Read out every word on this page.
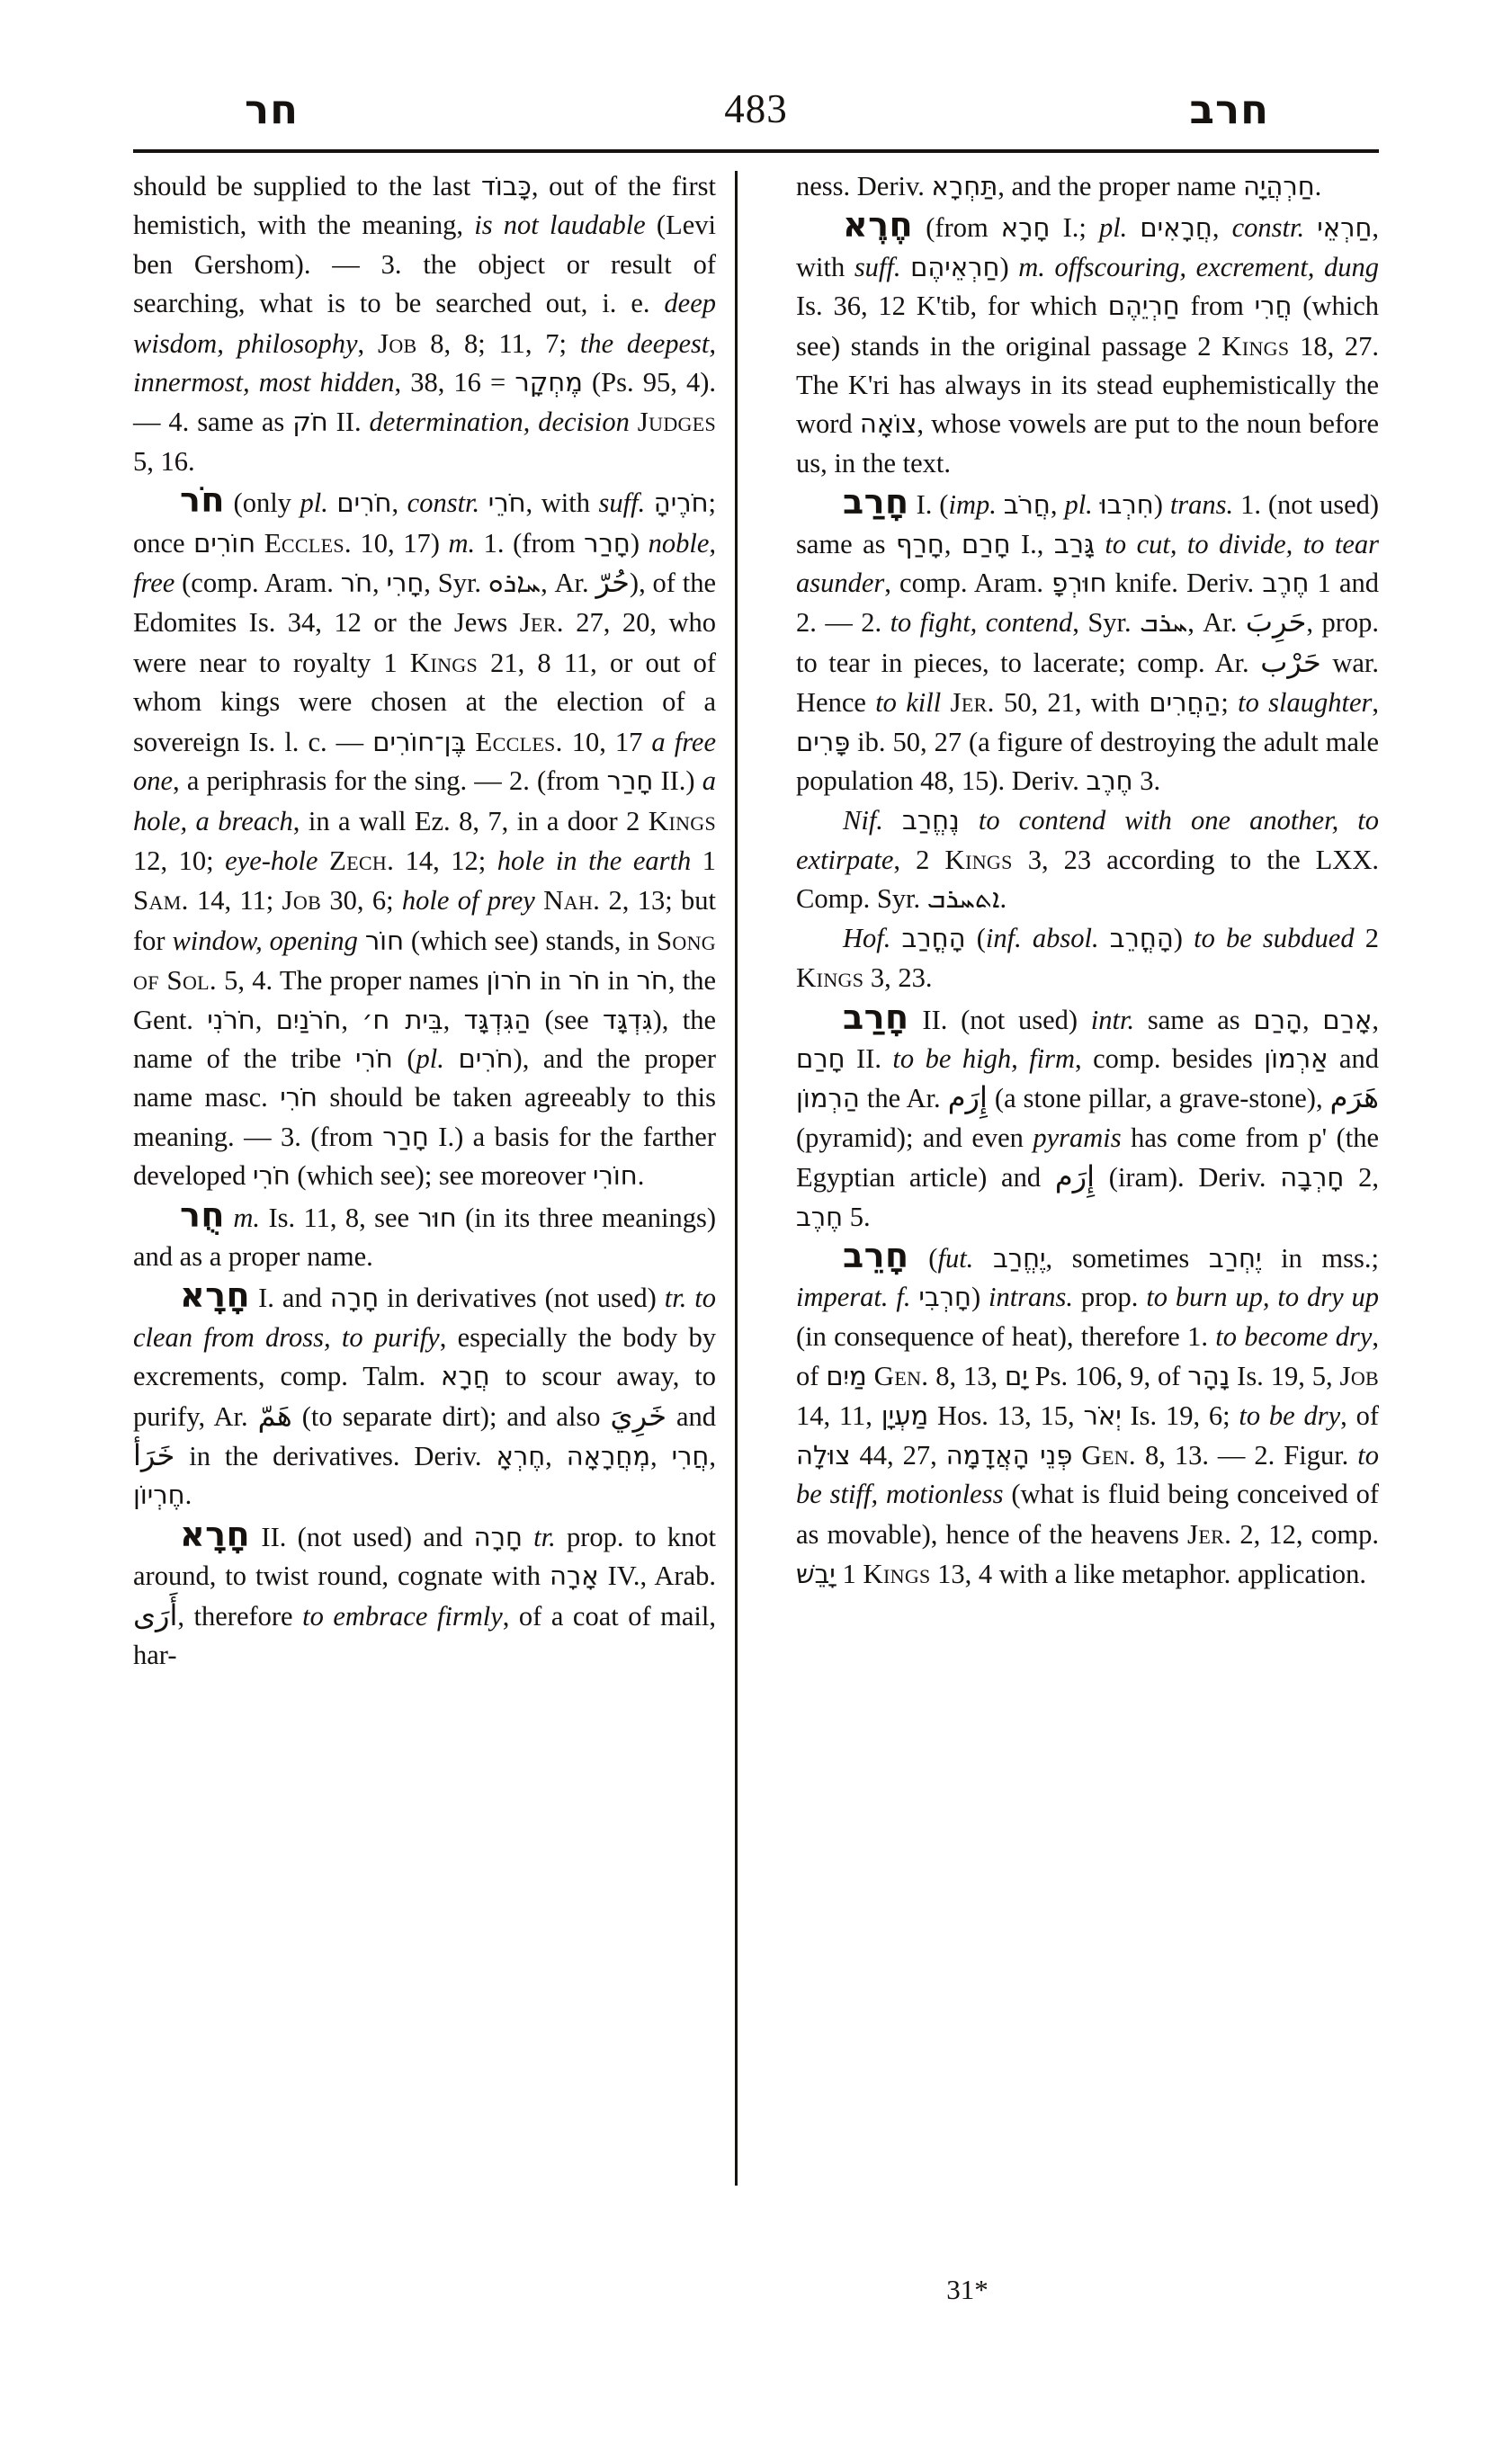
חר	483	חרב

should be supplied to the last כָּבוֹד, out of the first hemistich, with the meaning, is not laudable (Levi ben Gershom). — 3. the object or result of searching, what is to be searched out, i. e. deep wisdom, philosophy, Job 8, 8; 11, 7; the deepest, innermost, most hidden, 38, 16 = מֶחְקָר (Ps. 95, 4). — 4. same as חֹק II. determination, decision Judges 5, 16.

חֹר (only pl. חֹרִים, constr. חֹרֵי, with suff. חֹרֶיהָ; once חוֹרִים Eccles. 10, 17) m. 1. (from חָרַר) noble, free (comp. Aram. חֹר, חָרִי, Syr. ܚܐܪܘ, Ar. حُرّ), of the Edomites Is. 34, 12 or the Jews Jer. 27, 20, who were near to royalty 1 Kings 21, 8 11, or out of whom kings were chosen at the election of a sovereign Is. l. c. — בֶּן־חוֹרִים Eccles. 10, 17 a free one, a periphrasis for the sing. — 2. (from חָרַר II.) a hole, a breach, in a wall Ez. 8, 7, in a door 2 Kings 12, 10; eye-hole Zech. 14, 12; hole in the earth 1 Sam. 14, 11; Job 30, 6; hole of prey Nah. 2, 13; but for window, opening חוֹר (which see) stands, in Song of Sol. 5, 4. The proper names חֹרוֹן in חֹר in חֹר, the Gent. חֹרֹנִי, חֹרֹנַיִם, בֵּית ח׳, הַגִּדְגָּד (see גִּדְגָּד), the name of the tribe חֹרִי (pl. חֹרִים), and the proper name masc. חֹרִי should be taken agreeably to this meaning. — 3. (from חָרַר I.) a basis for the farther developed חֹרִי (which see); see moreover חוֹרִי.

חֻר m. Is. 11, 8, see חוּר (in its three meanings) and as a proper name.

חָרָא I. and חָרָה in derivatives (not used) tr. to clean from dross, to purify, especially the body by excrements, comp. Talm. חֲרָא to scour away, to purify, Ar. هَمّ (to separate dirt); and also خَرِيَ and خَرَأ in the derivatives. Deriv. חֶרְאָ, מְחֲרָאָה, חֲרִי, חֶרְיוֹן.

חָרָא II. (not used) and חָרָה tr. prop. to knot around, to twist round, cognate with אָרָה IV., Arab. أَرَى, therefore to embrace firmly, of a coat of mail, har-

ness. Deriv. תַּחְרָא, and the proper name חַרְהֲיָה.

חֶרֶא (from חָרָא I.; pl. חֲרָאִים, constr. חַרְאֵי, with suff. חַרְאֵיהֶם) m. offscouring, excrement, dung Is. 36, 12 K'tib, for which חַרְיֵהֶם from חֲרִי (which see) stands in the original passage 2 Kings 18, 27. The K'ri has always in its stead euphemistically the word צוֹאָה, whose vowels are put to the noun before us, in the text.

חָרַב I. (imp. חֲרֹב, pl. חִרְבוּ) trans. 1. (not used) same as חָרַף, חָרַם I., גָּרַב to cut, to divide, to tear asunder, comp. Aram. חוּרְפָ knife. Deriv. חֶרֶב 1 and 2. — 2. to fight, contend, Syr. ܚܪܒ, Ar. حَرِبَ, prop. to tear in pieces, to lacerate; comp. Ar. حَرْب war. Hence to kill Jer. 50, 21, with הַחֲרִים; to slaughter, פָּרִים ib. 50, 27 (a figure of destroying the adult male population 48, 15). Deriv. חֶרֶב 3.

Nif. נֶחֱרַב to contend with one another, to extirpate, 2 Kings 3, 23 according to the LXX. Comp. Syr. ܐܬܚܪܒ.

Hof. הָחֳרַב (inf. absol. הָחֳרֵב) to be subdued 2 Kings 3, 23.

חָרַב II. (not used) intr. same as הָרַם, אָרַם, חָרַם II. to be high, firm, comp. besides אַרְמוֹן and הַרְמוֹן the Ar. إِرَم (a stone pillar, a grave-stone), هَرَم (pyramid); and even pyramis has come from p' (the Egyptian article) and إِرَم (iram). Deriv. חָרְבָה 2, חֶרֶב 5.

חָרֵב (fut. יֶחֱרַב, sometimes יֶחְרַב in mss.; imperat. f. חָרְבִי) intrans. prop. to burn up, to dry up (in consequence of heat), therefore 1. to become dry, of מַיִם Gen. 8, 13, יָם Ps. 106, 9, of נָהָר Is. 19, 5, Job 14, 11, מַעְיָן Hos. 13, 15, יְאֹר Is. 19, 6; to be dry, of צוּלָה 44, 27, פְּנֵי הָאֲדָמָה Gen. 8, 13. — 2. Figur. to be stiff, motionless (what is fluid being conceived of as movable), hence of the heavens Jer. 2, 12, comp. יָבֵשׁ 1 Kings 13, 4 with a like metaphor. application.

31*
